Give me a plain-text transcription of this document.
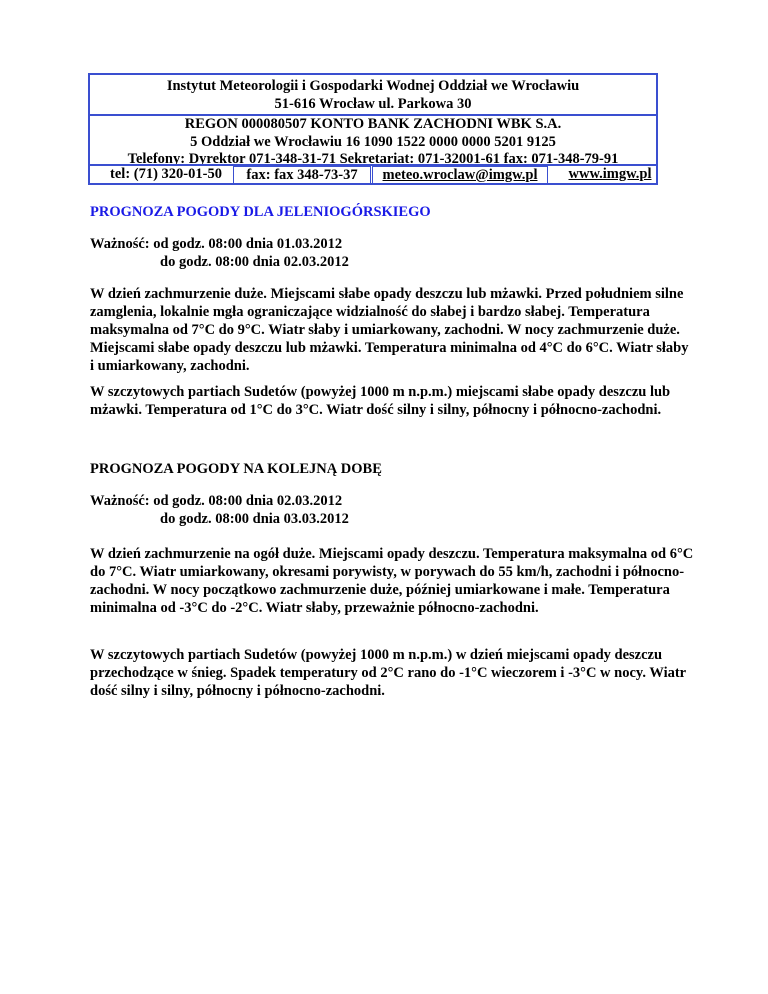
Instytut Meteorologii i Gospodarki Wodnej Oddział we Wrocławiu
51-616 Wrocław ul. Parkowa 30
REGON 000080507 KONTO BANK ZACHODNI WBK S.A.
5 Oddział we Wrocławiu 16 1090 1522 0000 0000 5201 9125
Telefony: Dyrektor 071-348-31-71 Sekretariat: 071-32001-61 fax: 071-348-79-91
tel: (71) 320-01-50	fax: fax 348-73-37	meteo.wroclaw@imgw.pl	www.imgw.pl
PROGNOZA POGODY DLA JELENIOGÓRSKIEGO

Ważność: od godz. 08:00 dnia 01.03.2012

do godz. 08:00 dnia 02.03.2012

W dzień zachmurzenie duże. Miejscami słabe opady deszczu lub mżawki. Przed południem silne zamglenia, lokalnie mgła ograniczające widzialność do słabej i bardzo słabej. Temperatura maksymalna od 7°C do 9°C. Wiatr słaby i umiarkowany, zachodni. W nocy zachmurzenie duże. Miejscami słabe opady deszczu lub mżawki. Temperatura minimalna od 4°C do 6°C. Wiatr słaby i umiarkowany, zachodni.

W szczytowych partiach Sudetów (powyżej 1000 m n.p.m.) miejscami słabe opady deszczu lub mżawki. Temperatura od 1°C do 3°C. Wiatr dość silny i silny, północny i północno-zachodni.

PROGNOZA POGODY NA KOLEJNĄ DOBĘ

Ważność: od godz. 08:00 dnia 02.03.2012

do godz. 08:00 dnia 03.03.2012

W dzień zachmurzenie na ogół duże. Miejscami opady deszczu. Temperatura maksymalna od 6°C do 7°C. Wiatr umiarkowany, okresami porywisty, w porywach do 55 km/h, zachodni i północno-zachodni. W nocy początkowo zachmurzenie duże, później umiarkowane i małe. Temperatura minimalna od -3°C do -2°C. Wiatr słaby, przeważnie północno-zachodni.

W szczytowych partiach Sudetów (powyżej 1000 m n.p.m.) w dzień miejscami opady deszczu przechodzące w śnieg. Spadek temperatury od 2°C rano do -1°C wieczorem i -3°C w nocy. Wiatr dość silny i silny, północny i północno-zachodni.
